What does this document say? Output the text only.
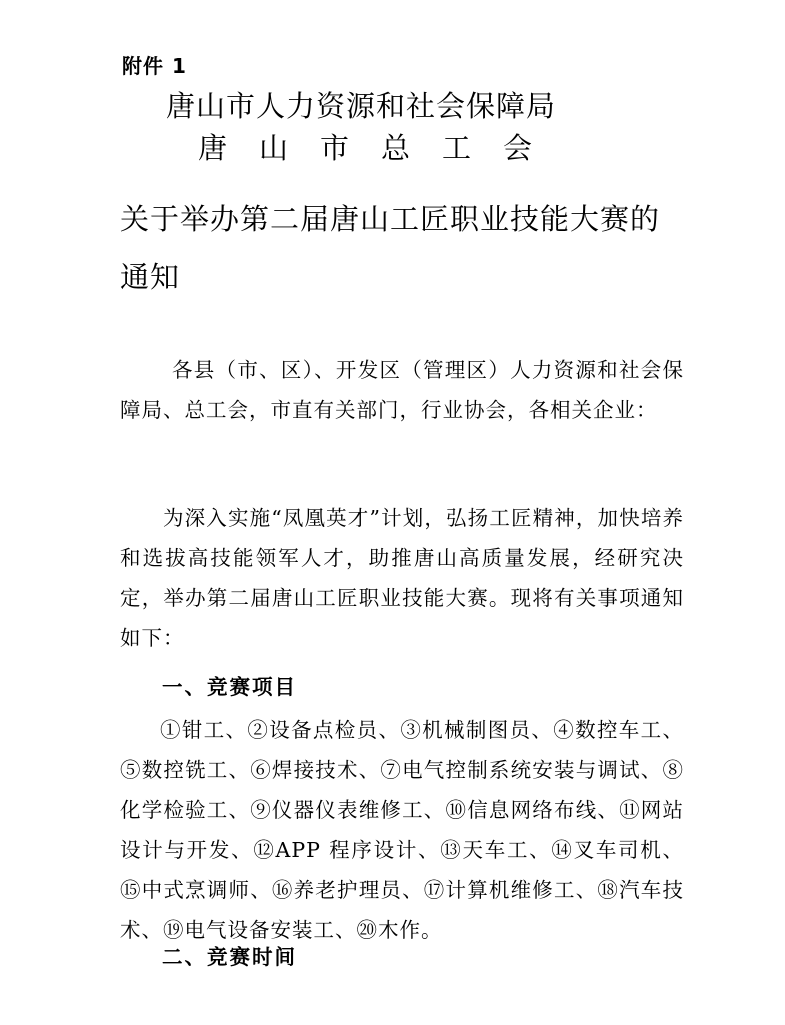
附件 1
唐山市人力资源和社会保障局
唐山市总工会
关于举办第二届唐山工匠职业技能大赛的通知
各县（市、区）、开发区（管理区）人力资源和社会保障局、总工会，市直有关部门，行业协会，各相关企业：
为深入实施“凤凰英才”计划，弘扬工匠精神，加快培养和选拔高技能领军人才，助推唐山高质量发展，经研究决定，举办第二届唐山工匠职业技能大赛。现将有关事项通知如下：
一、竞赛项目
①钳工、②设备点检员、③机械制图员、④数控车工、⑤数控铣工、⑥焊接技术、⑦电气控制系统安装与调试、⑧化学检验工、⑨仪器仪表维修工、⑩信息网络布线、⑪网站设计与开发、⑫APP 程序设计、⑬天车工、⑭叉车司机、⑮中式烹调师、⑯养老护理员、⑰计算机维修工、⑱汽车技术、⑲电气设备安装工、⑳木作。
二、竞赛时间
